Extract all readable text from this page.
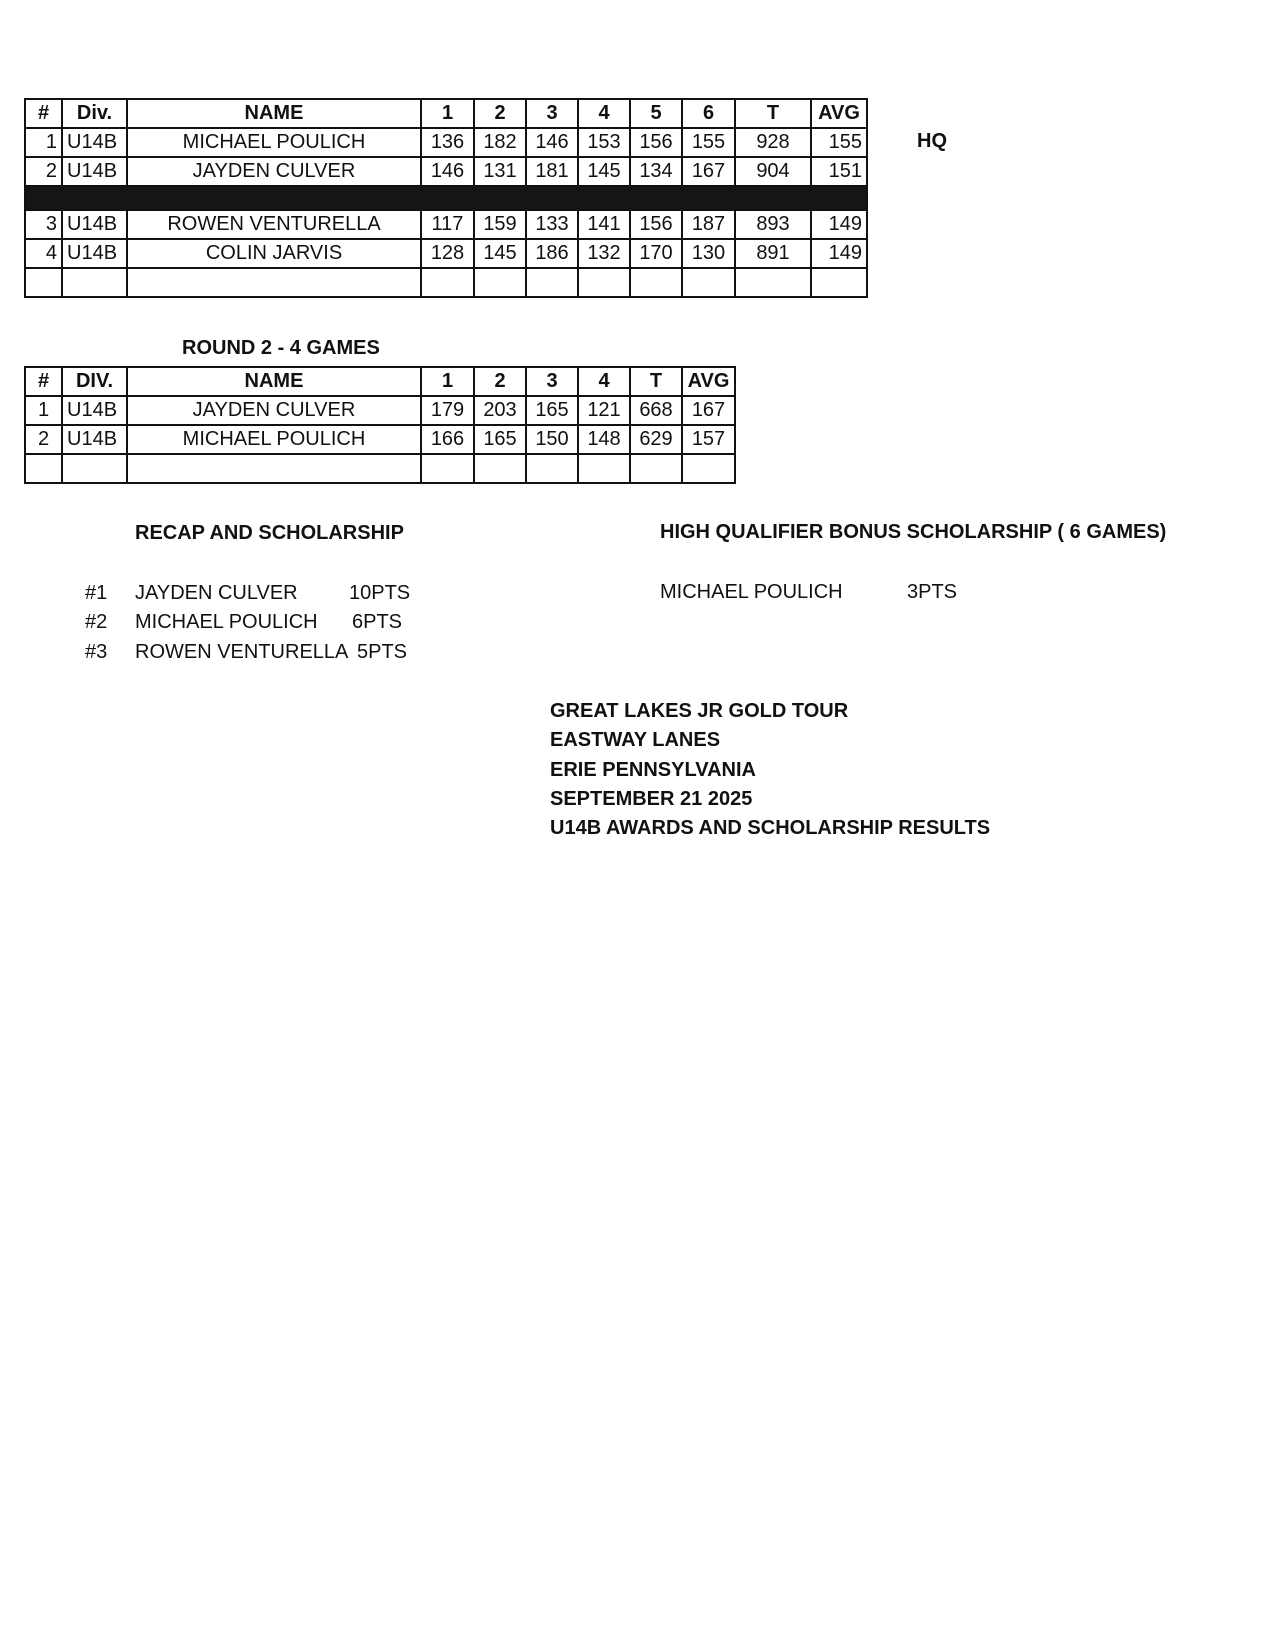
#	Div.	NAME	1	2	3	4	5	6	T	AVG
1	U14B	MICHAEL POULICH	136	182	146	153	156	155	928	155
2	U14B	JAYDEN CULVER	146	131	181	145	134	167	904	151

3	U14B	ROWEN VENTURELLA	117	159	133	141	156	187	893	149
4	U14B	COLIN JARVIS	128	145	186	132	170	130	891	149

HQ
ROUND 2 - 4 GAMES
#	DIV.	NAME	1	2	3	4	T	AVG
1	U14B	JAYDEN CULVER	179	203	165	121	668	167
2	U14B	MICHAEL POULICH	166	165	150	148	629	157

RECAP AND SCHOLARSHIP
#1 JAYDEN CULVER	10PTS
#2 MICHAEL POULICH 6PTS
#3 ROWEN VENTURELLA 5PTS
HIGH QUALIFIER BONUS SCHOLARSHIP ( 6 GAMES)
MICHAEL POULICH	3PTS
GREAT LAKES JR GOLD TOUR
EASTWAY LANES
ERIE PENNSYLVANIA
SEPTEMBER 21 2025
U14B AWARDS AND SCHOLARSHIP RESULTS
